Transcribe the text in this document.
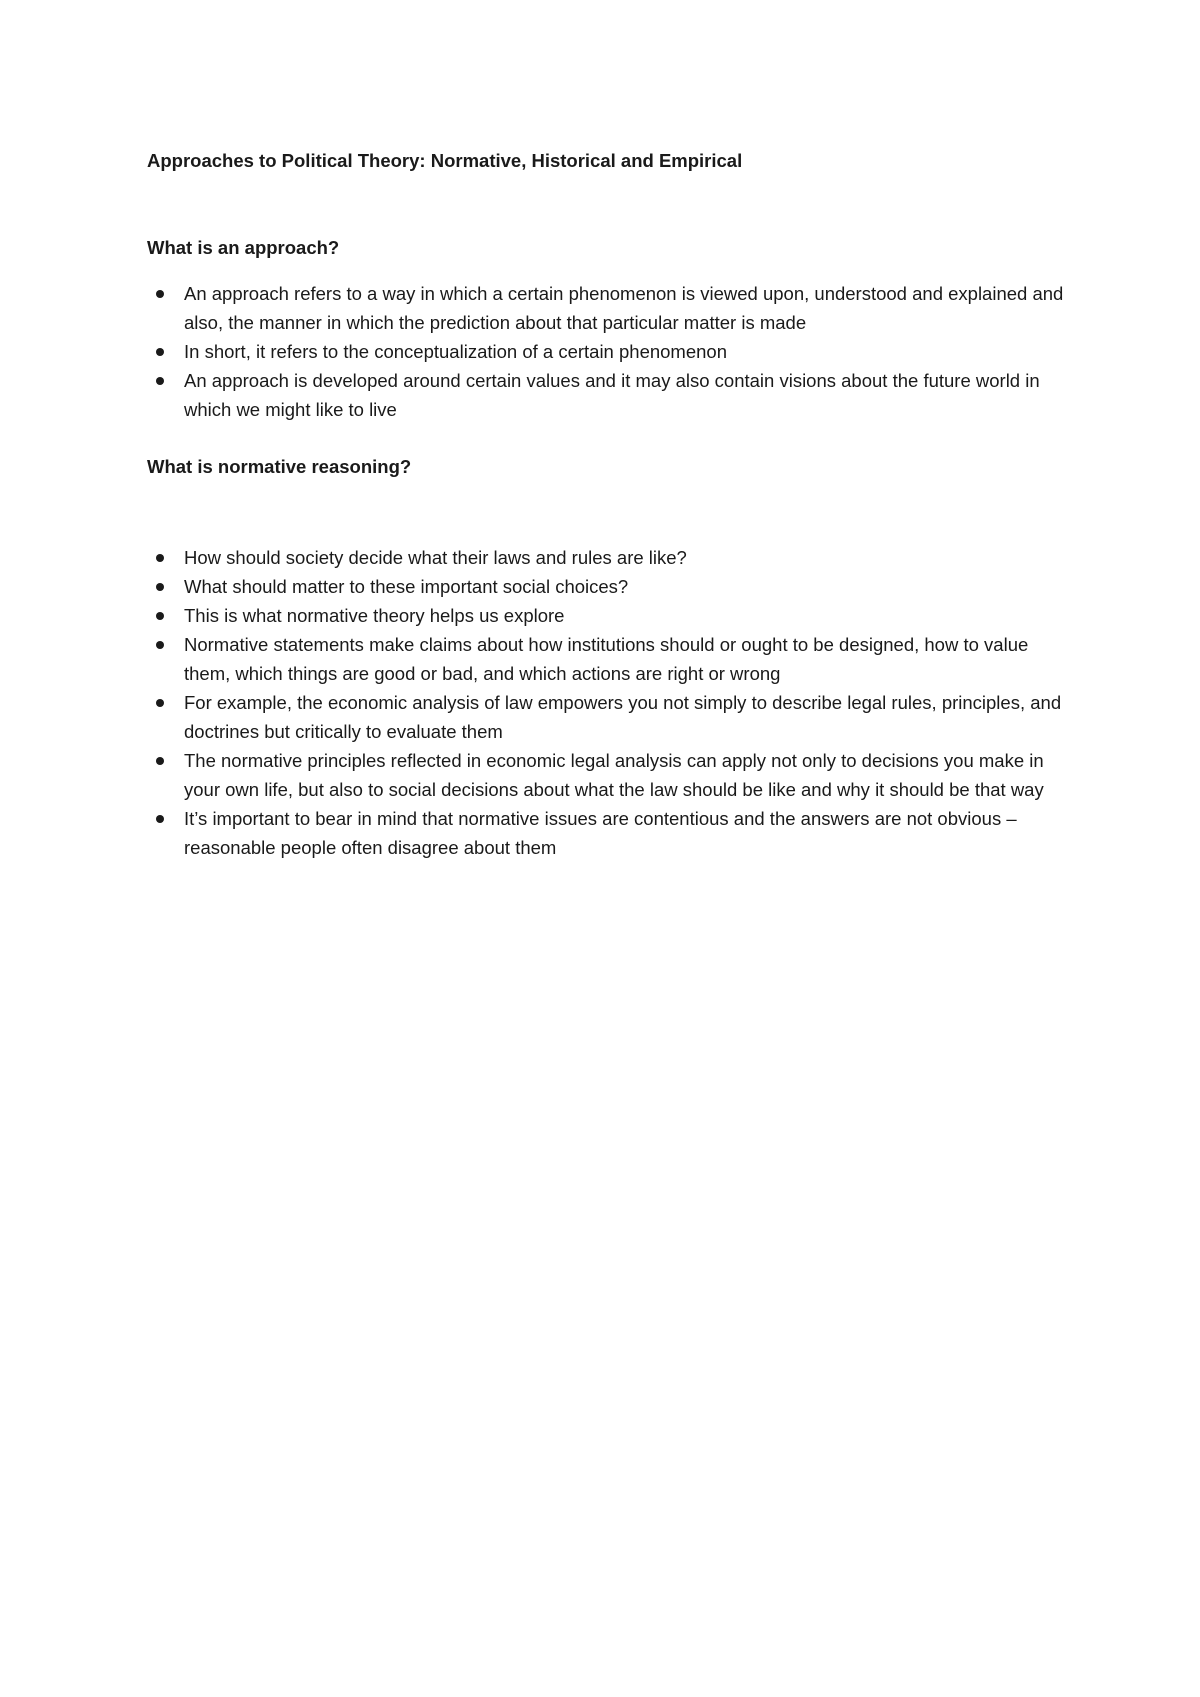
Approaches to Political Theory: Normative, Historical and Empirical
What is an approach?
An approach refers to a way in which a certain phenomenon is viewed upon, understood and explained and also, the manner in which the prediction about that particular matter is made
In short, it refers to the conceptualization of a certain phenomenon
An approach is developed around certain values and it may also contain visions about the future world in which we might like to live
What is normative reasoning?
How should society decide what their laws and rules are like?
What should matter to these important social choices?
This is what normative theory helps us explore
Normative statements make claims about how institutions should or ought to be designed, how to value them, which things are good or bad, and which actions are right or wrong
For example, the economic analysis of law empowers you not simply to describe legal rules, principles, and doctrines but critically to evaluate them
The normative principles reflected in economic legal analysis can apply not only to decisions you make in your own life, but also to social decisions about what the law should be like and why it should be that way
It’s important to bear in mind that normative issues are contentious and the answers are not obvious – reasonable people often disagree about them
